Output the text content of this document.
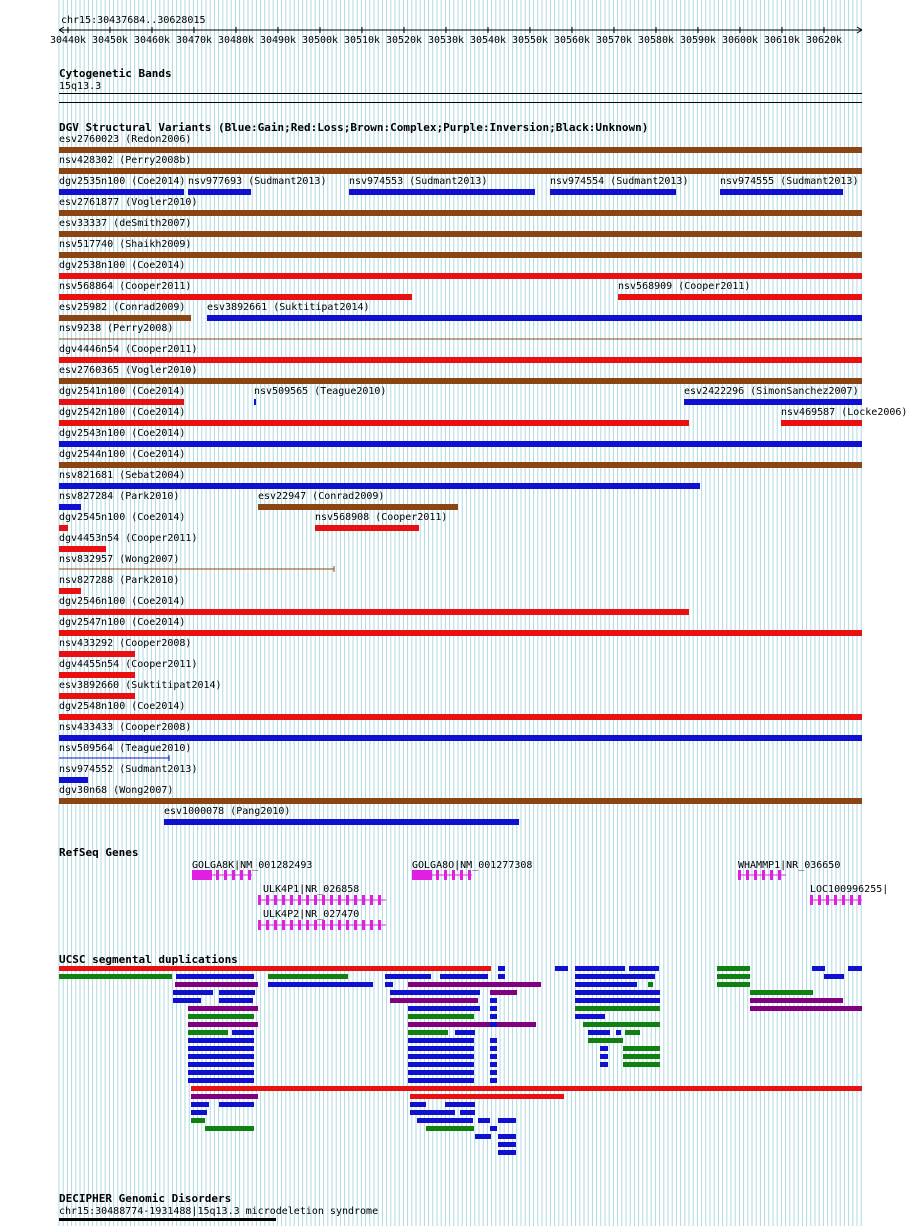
esv2760023 (Redon2006)
nsv428302 (Perry2008b)
dgv2535n100 (Coe2014) nsv977693 (Sudmant2013) nsv974553 (Sudmant2013)	nsv974554 (Sudmant2013)	nsv974555 (Sudmant2013)
esv2761877 (Vogler2010)
esv33337 (deSmith2007)
nsv517740 (Shaikh2009)
dgv2538n100 (Coe2014)
nsv568864 (Cooper2011)	nsv568909 (Cooper2011)
esv25982 (Conrad2009) esv3892661 (Suktitipat2014)
nsv9238 (Perry2008)
dgv4446n54 (Cooper2011)
esv2760365 (Vogler2010)
dgv2541n100 (Coe2014)	nsv509565 (Teague2010)	esv2422296 (SimonSanchez2007)
dgv2542n100 (Coe2014)	nsv469587 (Locke2006)
dgv2543n100 (Coe2014)
dgv2544n100 (Coe2014)
nsv821681 (Sebat2004)
nsv827284 (Park2010)	esv22947 (Conrad2009)
dgv2545n100 (Coe2014)	nsv568908 (Cooper2011)
dgv4453n54 (Cooper2011)
nsv832957 (Wong2007)
nsv827288 (Park2010)
dgv2546n100 (Coe2014)
dgv2547n100 (Coe2014)
nsv433292 (Cooper2008)
dgv4455n54 (Cooper2011)
esv3892660 (Suktitipat2014)
dgv2548n100 (Coe2014)
nsv433433 (Cooper2008)
nsv509564 (Teague2010)
nsv974552 (Sudmant2013)
dgv30n68 (Wong2007)
esv1000078 (Pang2010)
GOLGA8K|NM_001282493	GOLGA8O|NM_001277308	WHAMMP1|NR_036650
ULK4P1|NR_026858
ULK4P2|NR_027470
LOC100996255|
chr15:30437684..30628015
30440k 30450k 30460k 30470k 30480k 30490k 30500k 30510k 30520k 30530k 30540k 30550k 30560k 30570k 30580k 30590k 30600k 30610k 30620k
Cytogenetic Bands
15q13.3
DGV Structural Variants (Blue:Gain;Red:Loss;Brown:Complex;Purple:Inversion;Black:Unknown)
RefSeq Genes
UCSC segmental duplications
DECIPHER Genomic Disorders
chr15:30488774-1931488|15q13.3 microdeletion syndrome
